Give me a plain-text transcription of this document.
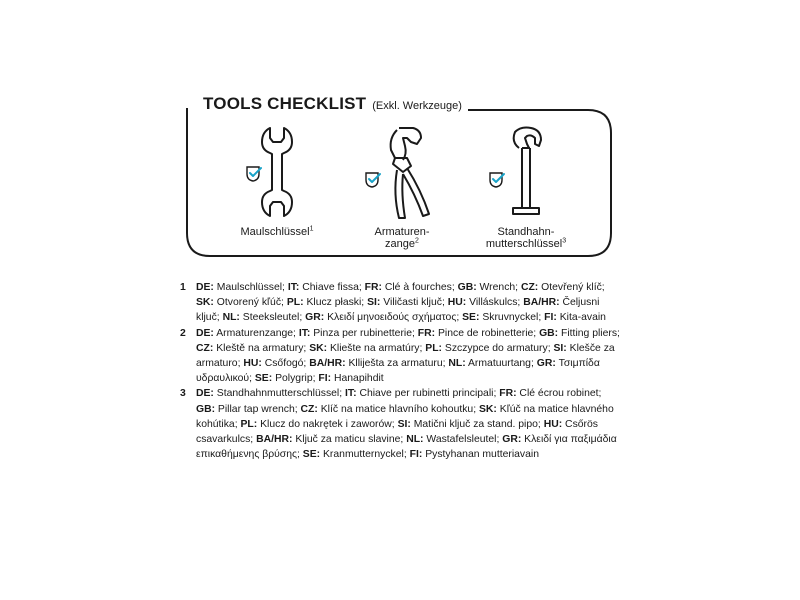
TOOLS CHECKLIST (Exkl. Werkzeuge)
Maulschlüssel$^1$	Armaturen-
zange$^2$
Standhahn-
mutterschlüssel$^3$
1 DE: Maulschlüssel; IT: Chiave fissa; FR: Clé à fourches; GB: Wrench; CZ: Otevřený klíč; SK: Otvorený kľúč; PL: Klucz płaski; SI: Viličasti ključ; HU: Villáskulcs; BA/HR: Čeljusni ključ; NL: Steeksleutel; GR: Κλειδί μηνοειδούς σχήματος; SE: Skruvnyckel; FI: Kita-avain
2 DE: Armaturenzange; IT: Pinza per rubinetterie; FR: Pince de robinetterie; GB: Fitting pliers; CZ: Kleště na armatury; SK: Kliešte na armatúry; PL: Szczypce do armatury; SI: Klešče za armaturo; HU: Csőfogó; BA/HR: Klliješta za armaturu; NL: Armatuurtang; GR: Τσιμπίδα υδραυλικού; SE: Polygrip; FI: Hanapihdit
3 DE: Standhahnmutterschlüssel; IT: Chiave per rubinetti principali; FR: Clé écrou robinet; GB: Pillar tap wrench; CZ: Klíč na matice hlavního kohoutku; SK: Kľúč na matice hlavného kohútika; PL: Klucz do nakrętek i zaworów; SI: Matični ključ za stand. pipo; HU: Csőrös csavarkulcs; BA/HR: Ključ za maticu slavine; NL: Wastafelsleutel; GR: Κλειδί για παξιμάδια επικαθήμενης βρύσης; SE: Kranmutternyckel; FI: Pystyhanan mutteriavain
